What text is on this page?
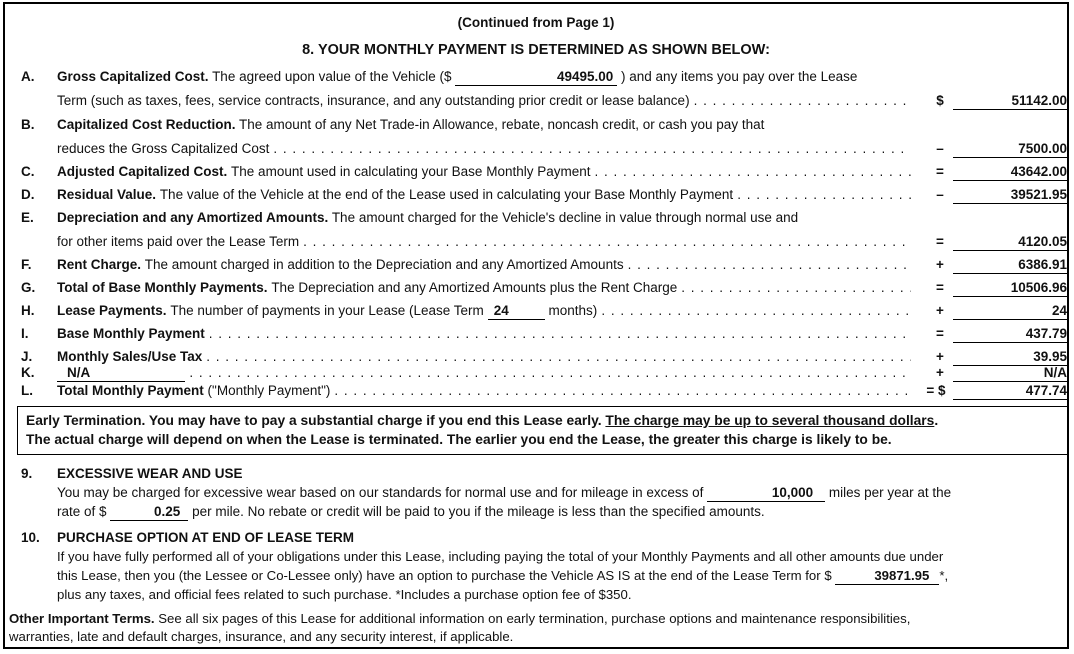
(Continued from Page 1)
8. YOUR MONTHLY PAYMENT IS DETERMINED AS SHOWN BELOW:
A. Gross Capitalized Cost. The agreed upon value of the Vehicle ($	49495.00 ) and any items you pay over the Lease
Term (such as taxes, fees, service contracts, insurance, and any outstanding prior credit or lease balance) . . .	$	51142.00
B. Capitalized Cost Reduction. The amount of any Net Trade-in Allowance, rebate, noncash credit, or cash you pay that
reduces the Gross Capitalized Cost . . .	–	7500.00
C. Adjusted Capitalized Cost.
The amount used in calculating your Base Monthly Payment . . .	=	43642.00
D. Residual Value.
The value of the Vehicle at the end of the Lease used in calculating your Base Monthly Payment . . .	–	39521.95
E. Depreciation and any Amortized Amounts. The amount charged for the Vehicle's decline in value through normal use and
for other items paid over the Lease Term . . .	=	4120.05
F. Rent Charge.
The amount charged in addition to the Depreciation and any Amortized Amounts . . .	+	6386.91
G. Total of Base Monthly Payments.
The Depreciation and any Amortized Amounts plus the Rent Charge . . .	=	10506.96
H. Lease Payments.
The number of payments in your Lease (Lease Term
24
	months) . . .	+	24
I. Base Monthly Payment . . .	=	437.79
J. Monthly Sales/Use Tax . . .	+	39.95
K.	N/A . . .	+	N/A
L. Total Monthly Payment
("Monthly Payment") . . .	= $	477.74
Early Termination. You may have to pay a substantial charge if you end this Lease early. The charge may be up to several thousand dollars.
The actual charge will depend on when the Lease is terminated. The earlier you end the Lease, the greater this charge is likely to be.
9. EXCESSIVE WEAR AND USE
You may be charged for excessive wear based on our standards for normal use and for mileage in excess of	10,000 miles per year at the
rate of $	0.25 per mile. No rebate or credit will be paid to you if the mileage is less than the specified amounts.
10. PURCHASE OPTION AT END OF LEASE TERM
If you have fully performed all of your obligations under this Lease, including paying the total of your Monthly Payments and all other amounts due under
this Lease, then you (the Lessee or Co-Lessee only) have an option to purchase the Vehicle AS IS at the end of the Lease Term for $	39871.95 *,
plus any taxes, and official fees related to such purchase. *Includes a purchase option fee of $350.
Other Important Terms. See all six pages of this Lease for additional information on early termination, purchase options and maintenance responsibilities,
warranties, late and default charges, insurance, and any security interest, if applicable.
